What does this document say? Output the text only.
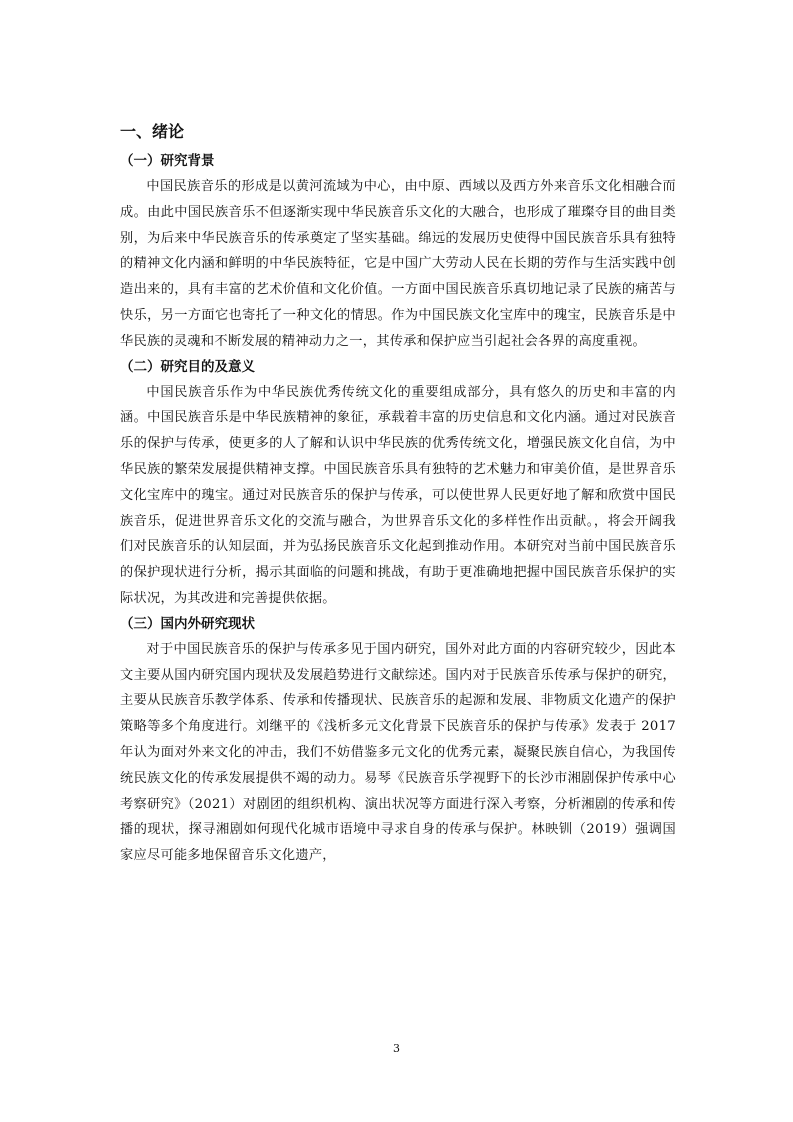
一、绪论
（一）研究背景

中国民族音乐的形成是以黄河流域为中心，由中原、西域以及西方外来音乐文化相融合而成。由此中国民族音乐不但逐渐实现中华民族音乐文化的大融合，也形成了璀璨夺目的曲目类别，为后来中华民族音乐的传承奠定了坚实基础。绵远的发展历史使得中国民族音乐具有独特的精神文化内涵和鲜明的中华民族特征，它是中国广大劳动人民在长期的劳作与生活实践中创造出来的，具有丰富的艺术价值和文化价值。一方面中国民族音乐真切地记录了民族的痛苦与快乐，另一方面它也寄托了一种文化的情思。作为中国民族文化宝库中的瑰宝，民族音乐是中华民族的灵魂和不断发展的精神动力之一，其传承和保护应当引起社会各界的高度重视。

（二）研究目的及意义

中国民族音乐作为中华民族优秀传统文化的重要组成部分，具有悠久的历史和丰富的内涵。中国民族音乐是中华民族精神的象征，承载着丰富的历史信息和文化内涵。通过对民族音乐的保护与传承，使更多的人了解和认识中华民族的优秀传统文化，增强民族文化自信，为中华民族的繁荣发展提供精神支撑。中国民族音乐具有独特的艺术魅力和审美价值，是世界音乐文化宝库中的瑰宝。通过对民族音乐的保护与传承，可以使世界人民更好地了解和欣赏中国民族音乐，促进世界音乐文化的交流与融合，为世界音乐文化的多样性作出贡献。，将会开阔我们对民族音乐的认知层面，并为弘扬民族音乐文化起到推动作用。本研究对当前中国民族音乐的保护现状进行分析，揭示其面临的问题和挑战，有助于更准确地把握中国民族音乐保护的实际状况，为其改进和完善提供依据。

（三）国内外研究现状

对于中国民族音乐的保护与传承多见于国内研究，国外对此方面的内容研究较少，因此本文主要从国内研究国内现状及发展趋势进行文献综述。国内对于民族音乐传承与保护的研究，主要从民族音乐教学体系、传承和传播现状、民族音乐的起源和发展、非物质文化遗产的保护策略等多个角度进行。刘继平的《浅析多元文化背景下民族音乐的保护与传承》发表于 2017 年认为面对外来文化的冲击，我们不妨借鉴多元文化的优秀元素，凝聚民族自信心，为我国传统民族文化的传承发展提供不竭的动力。易琴《民族音乐学视野下的长沙市湘剧保护传承中心考察研究》（2021）对剧团的组织机构、演出状况等方面进行深入考察，分析湘剧的传承和传播的现状，探寻湘剧如何现代化城市语境中寻求自身的传承与保护。林映钏（2019）强调国家应尽可能多地保留音乐文化遗产，

3
